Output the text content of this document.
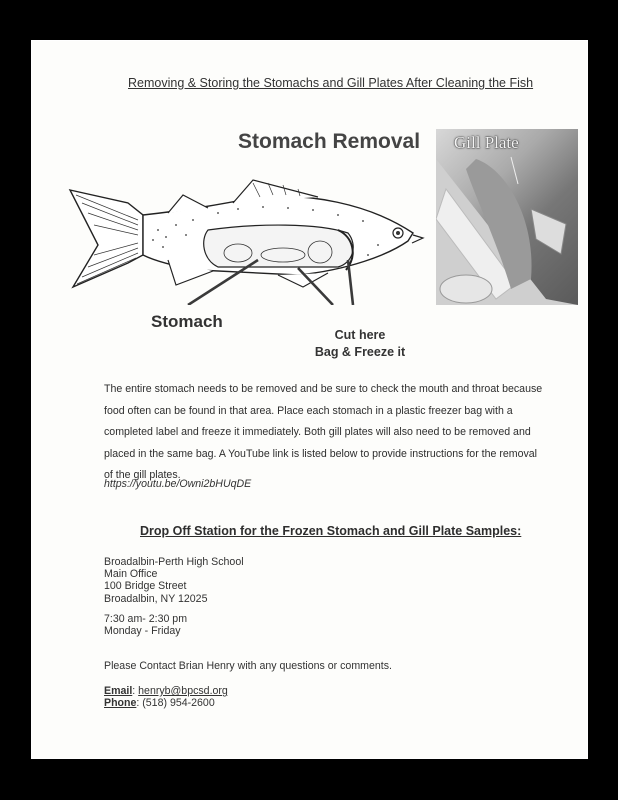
Removing & Storing the Stomachs and Gill Plates After Cleaning the Fish
Stomach Removal
Stomach
Cut here
Bag & Freeze it
Gill Plate
The entire stomach needs to be removed and be sure to check the mouth and throat because food often can be found in that area. Place each stomach in a plastic freezer bag with a completed label and freeze it immediately. Both gill plates will also need to be removed and placed in the same bag. A YouTube link is listed below to provide instructions for the removal of the gill plates.
https://youtu.be/Owni2bHUqDE
Drop Off Station for the Frozen Stomach and Gill Plate Samples:
Broadalbin-Perth High School
Main Office
100 Bridge Street
Broadalbin, NY 12025
7:30 am- 2:30 pm
Monday - Friday
Please Contact Brian Henry with any questions or comments.
Email: henryb@bpcsd.org
Phone: (518) 954-2600
